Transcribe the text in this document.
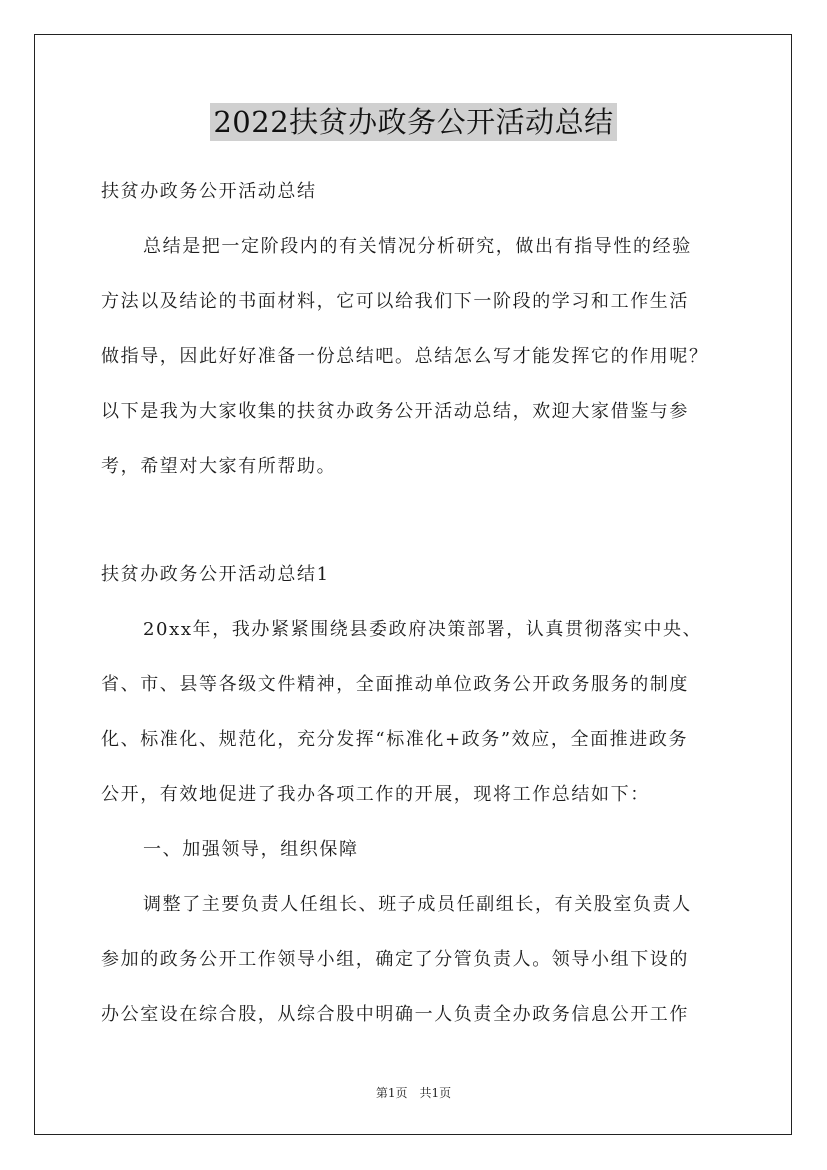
2022扶贫办政务公开活动总结
扶贫办政务公开活动总结
总结是把一定阶段内的有关情况分析研究，做出有指导性的经验
方法以及结论的书面材料，它可以给我们下一阶段的学习和工作生活
做指导，因此好好准备一份总结吧。总结怎么写才能发挥它的作用呢？
以下是我为大家收集的扶贫办政务公开活动总结，欢迎大家借鉴与参
考，希望对大家有所帮助。
扶贫办政务公开活动总结1
20xx年，我办紧紧围绕县委政府决策部署，认真贯彻落实中央、
省、市、县等各级文件精神，全面推动单位政务公开政务服务的制度
化、标准化、规范化，充分发挥“标准化+政务”效应，全面推进政务
公开，有效地促进了我办各项工作的开展，现将工作总结如下：
一、加强领导，组织保障
调整了主要负责人任组长、班子成员任副组长，有关股室负责人
参加的政务公开工作领导小组，确定了分管负责人。领导小组下设的
办公室设在综合股，从综合股中明确一人负责全办政务信息公开工作
第1页　共1页
